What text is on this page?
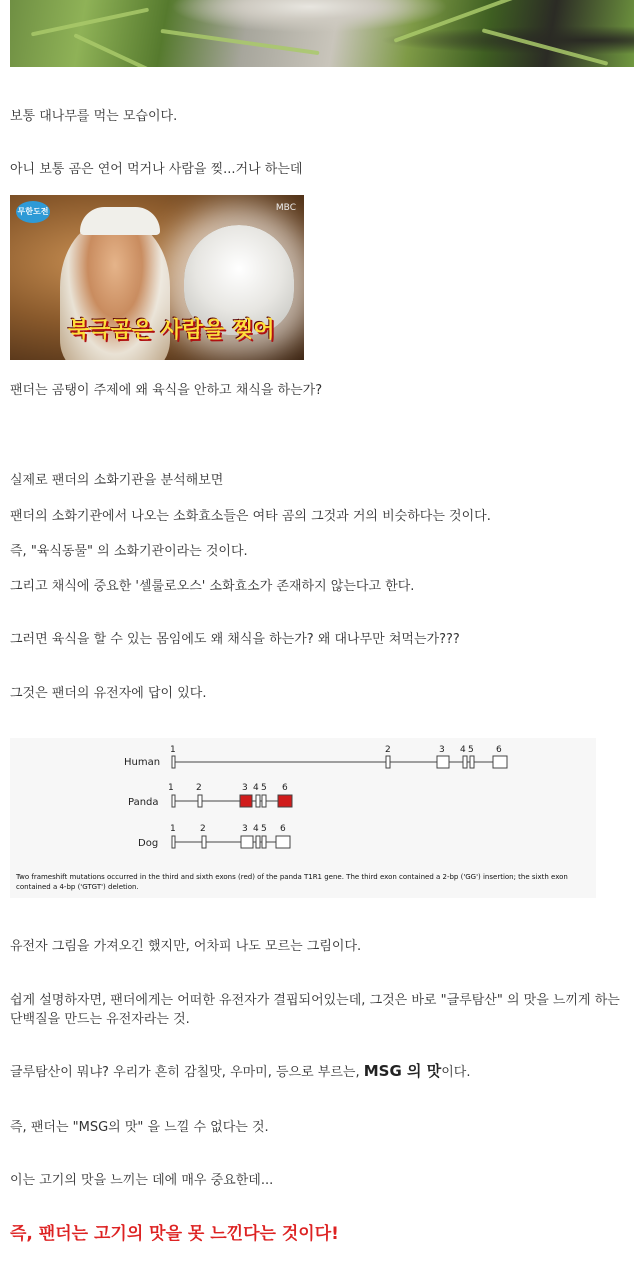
보통 대나무를 먹는 모습이다.

아니 보통 곰은 연어 먹거나 사람을 찢...거나 하는데

무한도전	MBC
북극곰은 사람을 찢어

팬더는 곰탱이 주제에 왜 육식을 안하고 채식을 하는가?

실제로 팬더의 소화기관을 분석해보면

팬더의 소화기관에서 나오는 소화효소들은 여타 곰의 그것과 거의 비슷하다는 것이다.

즉, "육식동물" 의 소화기관이라는 것이다.

그리고 채식에 중요한 '셀룰로오스' 소화효소가 존재하지 않는다고 한다.

그러면 육식을 할 수 있는 몸임에도 왜 채식을 하는가? 왜 대나무만 쳐먹는가???

그것은 팬더의 유전자에 답이 있다.

Human
1	2	3 4 5 6
Panda
1 2	3 4 5 6
Dog
1	2	3 4 5 6
Two frameshift mutations occurred in the third and sixth exons (red) of the panda T1R1 gene. The third exon contained a 2-bp ('GG') insertion; the sixth exon contained a 4-bp ('GTGT') deletion.

유전자 그림을 가져오긴 했지만, 어차피 나도 모르는 그림이다.

쉽게 설명하자면, 팬더에게는 어떠한 유전자가 결핍되어있는데, 그것은 바로 "글루탐산" 의 맛을 느끼게 하는 단백질을 만드는 유전자라는 것.

글루탐산이 뭐냐? 우리가 흔히 감칠맛, 우마미, 등으로 부르는, MSG 의 맛이다.

즉, 팬더는 "MSG의 맛" 을 느낄 수 없다는 것.

이는 고기의 맛을 느끼는 데에 매우 중요한데...

즉, 팬더는 고기의 맛을 못 느낀다는 것이다!
